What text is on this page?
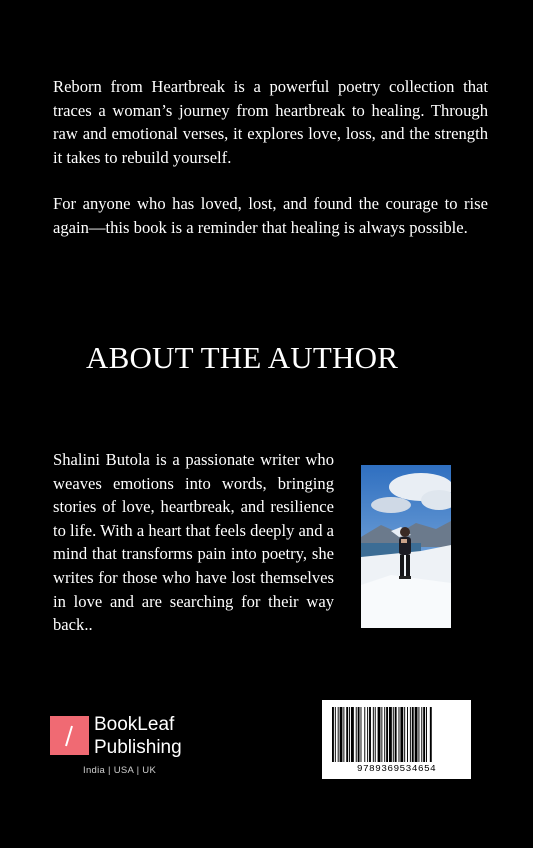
Reborn from Heartbreak is a powerful poetry collection that traces a woman’s journey from heartbreak to healing. Through raw and emotional verses, it explores love, loss, and the strength it takes to rebuild yourself.

For anyone who has loved, lost, and found the courage to rise again—this book is a reminder that healing is always possible.

ABOUT THE AUTHOR

Shalini Butola is a passionate writer who weaves emotions into words, bringing stories of love, heartbreak, and resilience to life. With a heart that feels deeply and a mind that transforms pain into poetry, she writes for those who have lost themselves in love and are searching for their way back..

BookLeaf
Publishing
India | USA | UK	9789369534654
